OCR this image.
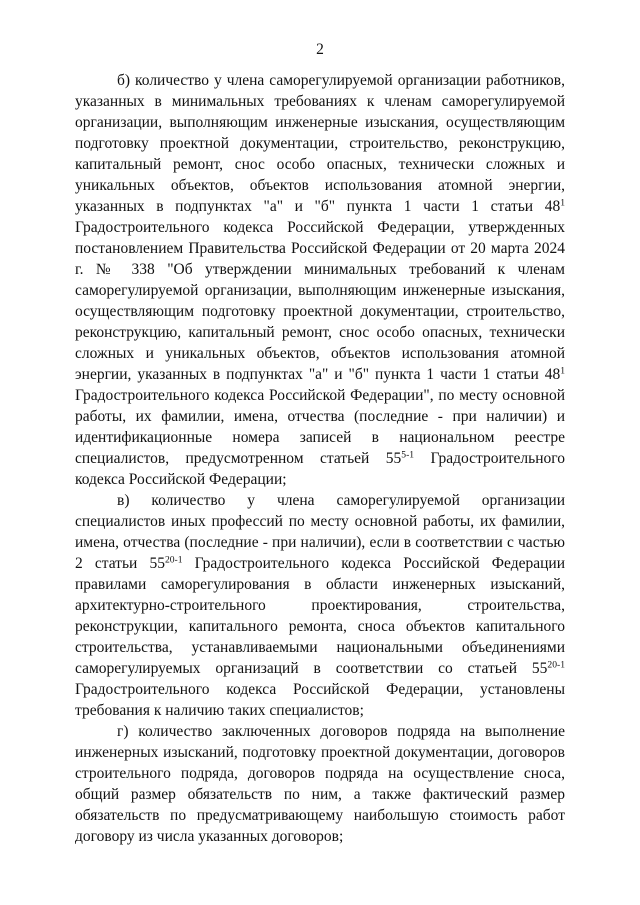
2

б) количество у члена саморегулируемой организации работников, указанных в минимальных требованиях к членам саморегулируемой организации, выполняющим инженерные изыскания, осуществляющим подготовку проектной документации, строительство, реконструкцию, капитальный ремонт, снос особо опасных, технически сложных и уникальных объектов, объектов использования атомной энергии, указанных в подпунктах "а" и "б" пункта 1 части 1 статьи $48^1$ Градостроительного кодекса Российской Федерации, утвержденных постановлением Правительства Российской Федерации от 20 марта 2024 г. № 338 "Об утверждении минимальных требований к членам саморегулируемой организации, выполняющим инженерные изыскания, осуществляющим подготовку проектной документации, строительство, реконструкцию, капитальный ремонт, снос особо опасных, технически сложных и уникальных объектов, объектов использования атомной энергии, указанных в подпунктах "а" и "б" пункта 1 части 1 статьи $48^1$ Градостроительного кодекса Российской Федерации", по месту основной работы, их фамилии, имена, отчества (последние - при наличии) и идентификационные номера записей в национальном реестре специалистов, предусмотренном статьей 55$^{5-1}$ Градостроительного кодекса Российской Федерации;

в) количество у члена саморегулируемой организации специалистов иных профессий по месту основной работы, их фамилии, имена, отчества (последние - при наличии), если в соответствии с частью 2 статьи 55$^{20-1}$ Градостроительного кодекса Российской Федерации правилами саморегулирования в области инженерных изысканий, архитектурно-строительного проектирования, строительства, реконструкции, капитального ремонта, сноса объектов капитального строительства, устанавливаемыми национальными объединениями саморегулируемых организаций в соответствии со статьей 55$^{20-1}$ Градостроительного кодекса Российской Федерации, установлены требования к наличию таких специалистов;

г) количество заключенных договоров подряда на выполнение инженерных изысканий, подготовку проектной документации, договоров строительного подряда, договоров подряда на осуществление сноса, общий размер обязательств по ним, а также фактический размер обязательств по предусматривающему наибольшую стоимость работ договору из числа указанных договоров;
